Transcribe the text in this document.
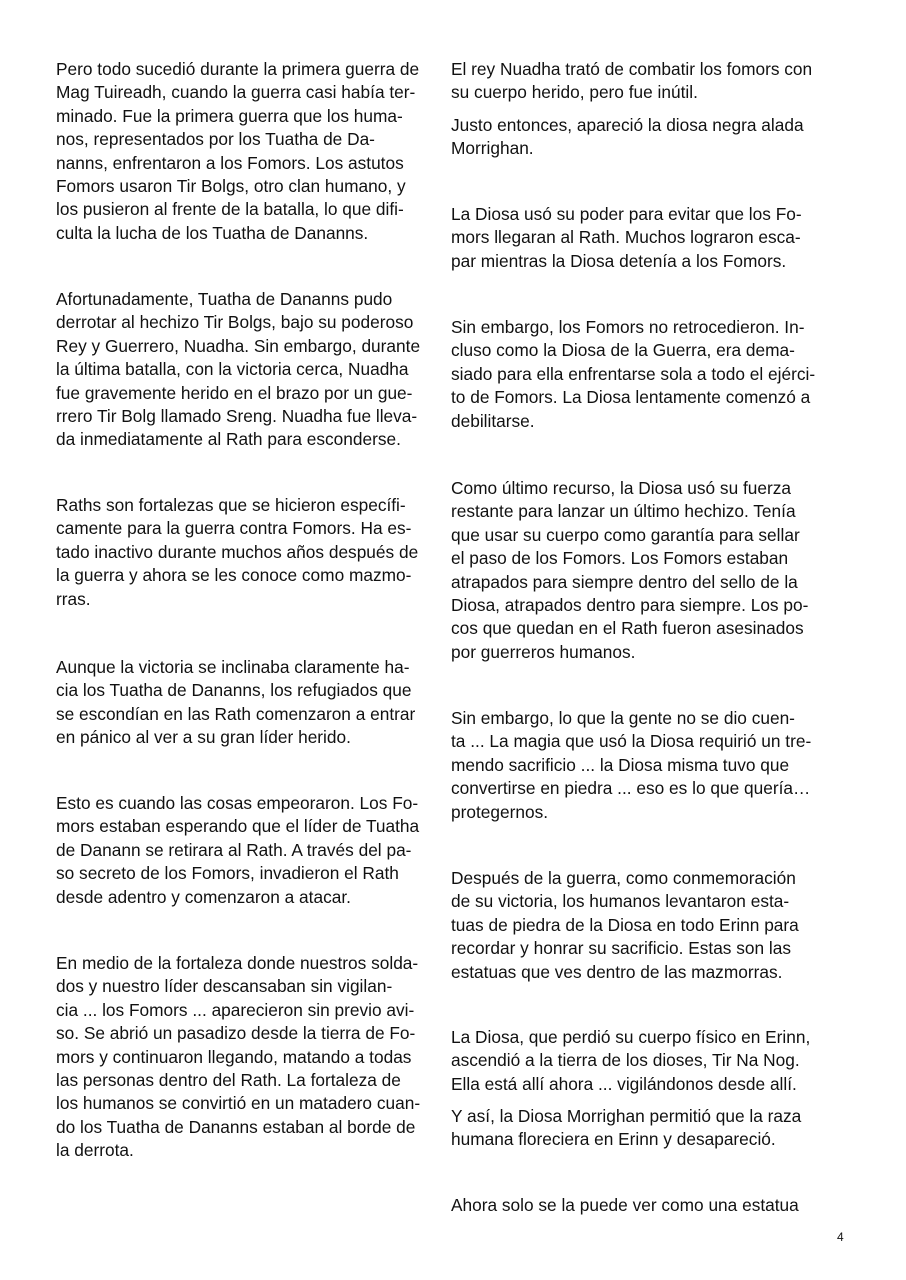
Pero todo sucedió durante la primera guerra de
Mag Tuireadh, cuando la guerra casi había ter-
minado. Fue la primera guerra que los huma-
nos, representados por los Tuatha de Da-
nanns, enfrentaron a los Fomors. Los astutos
Fomors usaron Tir Bolgs, otro clan humano, y
los pusieron al frente de la batalla, lo que difi-
culta la lucha de los Tuatha de Dananns.
Afortunadamente, Tuatha de Dananns pudo
derrotar al hechizo Tir Bolgs, bajo su poderoso
Rey y Guerrero, Nuadha. Sin embargo, durante
la última batalla, con la victoria cerca, Nuadha
fue gravemente herido en el brazo por un gue-
rrero Tir Bolg llamado Sreng. Nuadha fue lleva-
da inmediatamente al Rath para esconderse.
Raths son fortalezas que se hicieron específi-
camente para la guerra contra Fomors. Ha es-
tado inactivo durante muchos años después de
la guerra y ahora se les conoce como mazmo-
rras.
Aunque la victoria se inclinaba claramente ha-
cia los Tuatha de Dananns, los refugiados que
se escondían en las Rath comenzaron a entrar
en pánico al ver a su gran líder herido.
Esto es cuando las cosas empeoraron. Los Fo-
mors estaban esperando que el líder de Tuatha
de Danann se retirara al Rath. A través del pa-
so secreto de los Fomors, invadieron el Rath
desde adentro y comenzaron a atacar.
En medio de la fortaleza donde nuestros solda-
dos y nuestro líder descansaban sin vigilan-
cia ... los Fomors ... aparecieron sin previo avi-
so. Se abrió un pasadizo desde la tierra de Fo-
mors y continuaron llegando, matando a todas
las personas dentro del Rath. La fortaleza de
los humanos se convirtió en un matadero cuan-
do los Tuatha de Dananns estaban al borde de
la derrota.
El rey Nuadha trató de combatir los fomors con
su cuerpo herido, pero fue inútil.
Justo entonces, apareció la diosa negra alada
Morrighan.
La Diosa usó su poder para evitar que los Fo-
mors llegaran al Rath. Muchos lograron esca-
par mientras la Diosa detenía a los Fomors.
Sin embargo, los Fomors no retrocedieron. In-
cluso como la Diosa de la Guerra, era dema-
siado para ella enfrentarse sola a todo el ejérci-
to de Fomors. La Diosa lentamente comenzó a
debilitarse.
Como último recurso, la Diosa usó su fuerza
restante para lanzar un último hechizo. Tenía
que usar su cuerpo como garantía para sellar
el paso de los Fomors. Los Fomors estaban
atrapados para siempre dentro del sello de la
Diosa, atrapados dentro para siempre. Los po-
cos que quedan en el Rath fueron asesinados
por guerreros humanos.
Sin embargo, lo que la gente no se dio cuen-
ta ... La magia que usó la Diosa requirió un tre-
mendo sacrificio ... la Diosa misma tuvo que
convertirse en piedra ... eso es lo que quería…
protegernos.
Después de la guerra, como conmemoración
de su victoria, los humanos levantaron esta-
tuas de piedra de la Diosa en todo Erinn para
recordar y honrar su sacrificio. Estas son las
estatuas que ves dentro de las mazmorras.
La Diosa, que perdió su cuerpo físico en Erinn,
ascendió a la tierra de los dioses, Tir Na Nog.
Ella está allí ahora ... vigilándonos desde allí.
Y así, la Diosa Morrighan permitió que la raza
humana floreciera en Erinn y desapareció.
Ahora solo se la puede ver como una estatua
4
